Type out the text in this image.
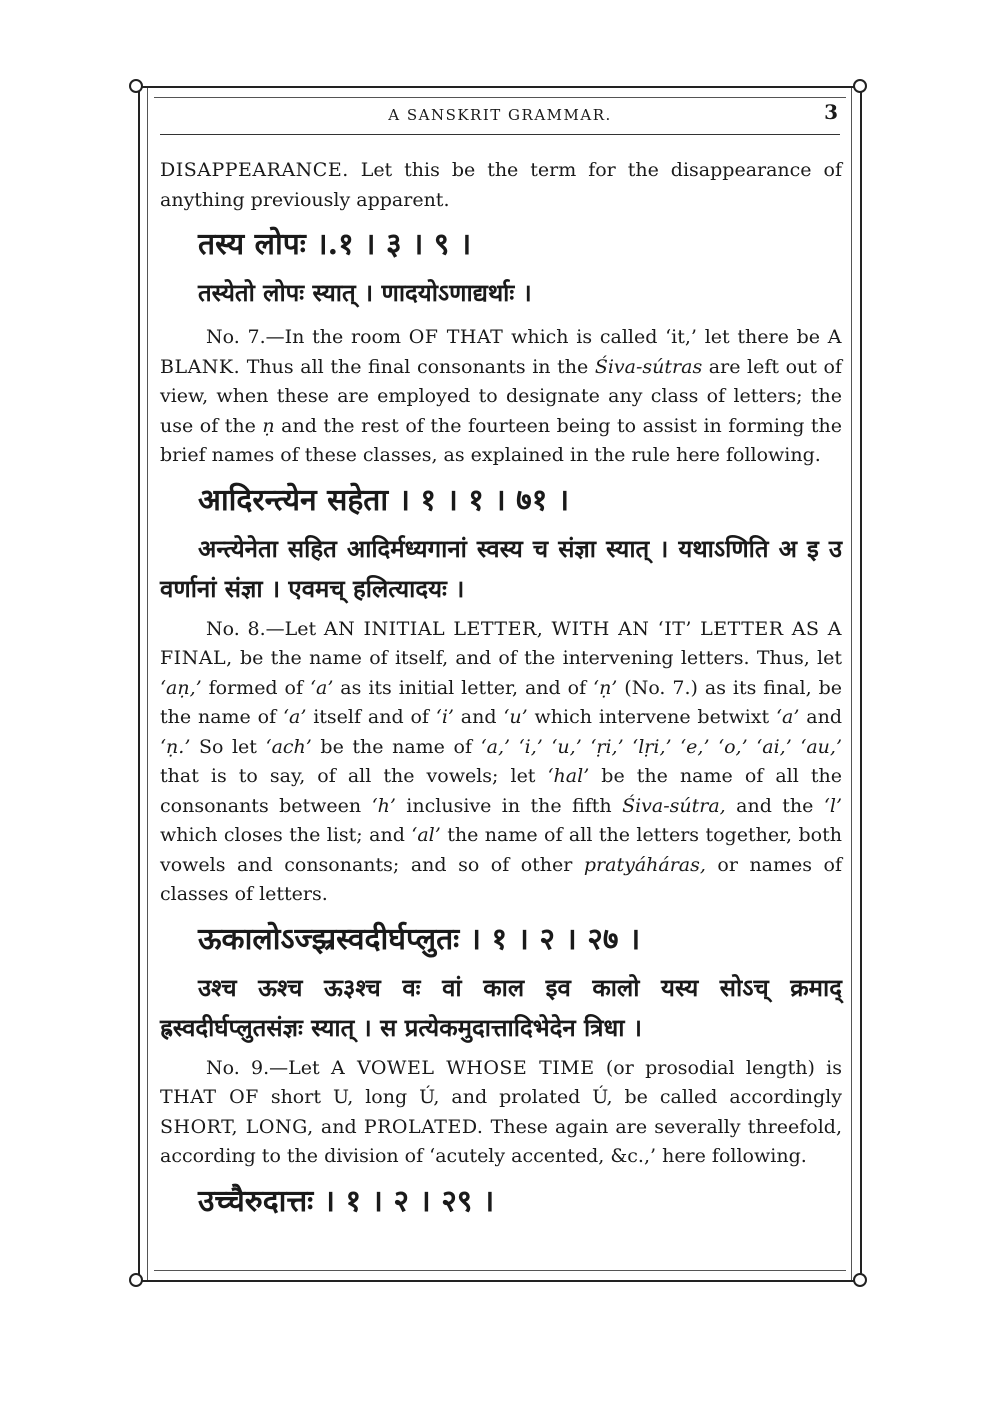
A SANSKRIT GRAMMAR.	3

DISAPPEARANCE. Let this be the term for the disappearance of anything previously apparent.

तस्य लोपः ।.१ । ३ । ९ ।
तस्येतो लोपः स्यात् । णादयोऽणाद्यर्थाः ।

No. 7.—In the room OF THAT which is called ‘it,’ let there be A BLANK. Thus all the final consonants in the Śiva-sútras are left out of view, when these are employed to designate any class of letters; the use of the ṇ and the rest of the fourteen being to assist in forming the brief names of these classes, as explained in the rule here following.

आदिरन्त्येन सहेता । १ । १ । ७१ ।
अन्त्येनेता सहित आदिर्मध्यगानां स्वस्य च संज्ञा स्यात् । यथाऽणिति अ इ उ वर्णानां संज्ञा । एवमच् हलित्यादयः ।

No. 8.—Let AN INITIAL LETTER, WITH AN ‘IT’ LETTER AS A FINAL, be the name of itself, and of the intervening letters. Thus, let ‘aṇ,’ formed of ‘a’ as its initial letter, and of ‘ṇ’ (No. 7.) as its final, be the name of ‘a’ itself and of ‘i’ and ‘u’ which intervene betwixt ‘a’ and ‘ṇ.’ So let ‘ach’ be the name of ‘a,’ ‘i,’ ‘u,’ ‘ṛi,’ ‘lṛi,’ ‘e,’ ‘o,’ ‘ai,’ ‘au,’ that is to say, of all the vowels; let ‘hal’ be the name of all the consonants between ‘h’ inclusive in the fifth Śiva-sútra, and the ‘l’ which closes the list; and ‘al’ the name of all the letters together, both vowels and consonants; and so of other pratyáháras, or names of classes of letters.

ऊकालोऽज्झ्रस्वदीर्घप्लुतः । १ । २ । २७ ।
उश्च ऊश्च ऊ३श्च वः वां काल इव कालो यस्य सोऽच् क्रमाद् ह्रस्वदीर्घप्लुतसंज्ञः स्यात् । स प्रत्येकमुदात्तादिभेदेन त्रिधा ।

No. 9.—Let A VOWEL WHOSE TIME (or prosodial length) is THAT OF short U, long Ú, and prolated Ú, be called accordingly SHORT, LONG, and PROLATED. These again are severally threefold, according to the division of ‘acutely accented, &c.,’ here following.

उच्चैरुदात्तः । १ । २ । २९ ।
